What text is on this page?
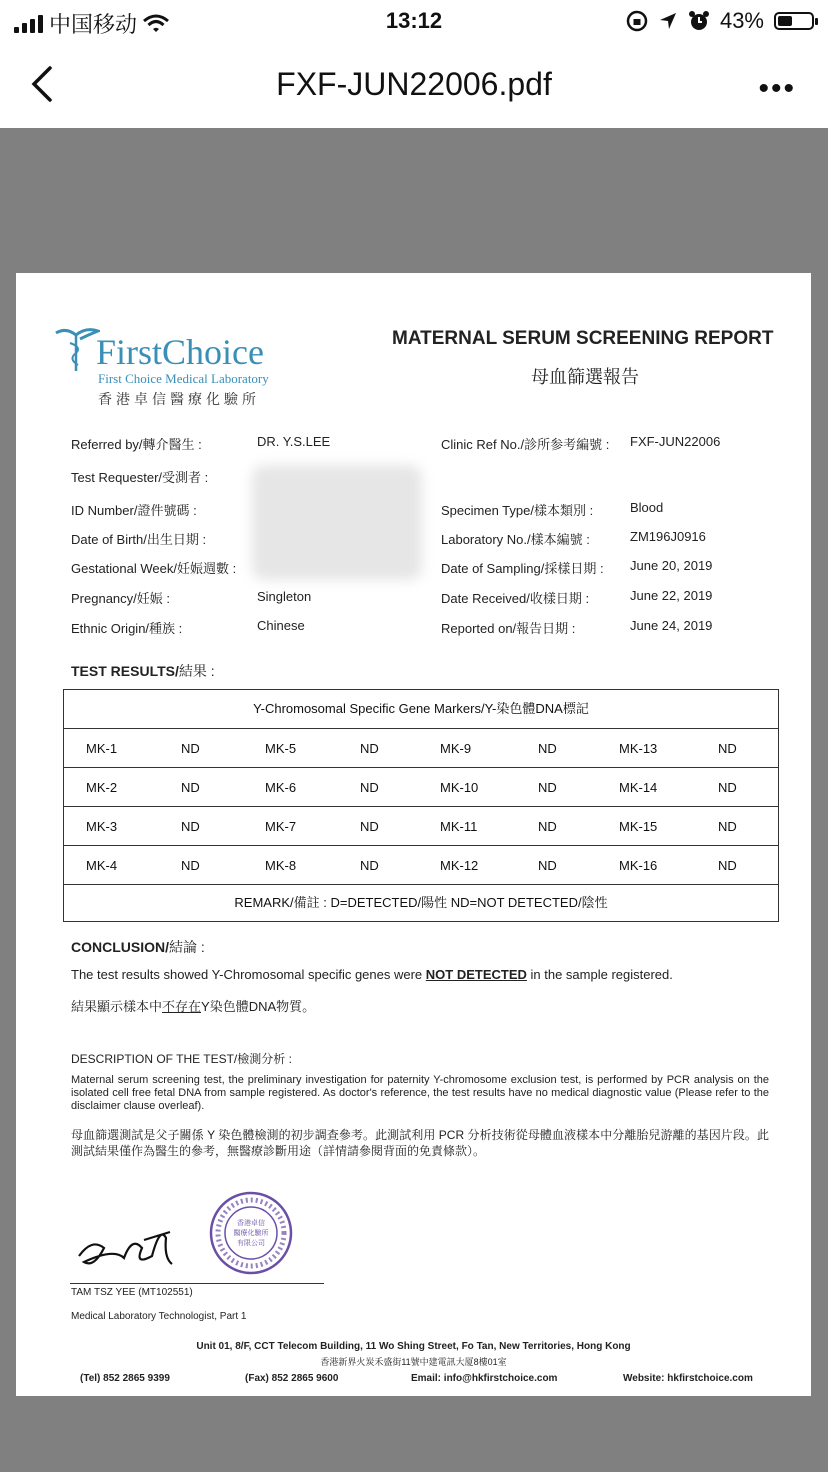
中国移动	13:12	43%
FXF-JUN22006.pdf	•••
FirstChoice
First Choice Medical Laboratory
香港卓信醫療化驗所
MATERNAL SERUM SCREENING REPORT
母血篩選報告
Referred by/轉介醫生 :	DR. Y.S.LEE
Test Requester/受測者 :
ID Number/證件號碼 :
Date of Birth/出生日期 :
Gestational Week/妊娠週數 :
Pregnancy/妊娠 :	Singleton
Ethnic Origin/種族 :	Chinese
Clinic Ref No./診所参考編號 : FXF-JUN22006
Specimen Type/樣本類別 :	Blood
Laboratory No./樣本編號 :	ZM196J0916
Date of Sampling/採樣日期 : June 20, 2019
Date Received/收樣日期 :	June 22, 2019
Reported on/報告日期 :	June 24, 2019
TEST RESULTS/結果 :
Y-Chromosomal Specific Gene Markers/Y-染色體DNA標記
MK-1	ND	MK-5	ND	MK-9	ND	MK-13	ND
MK-2	ND	MK-6	ND	MK-10	ND	MK-14	ND
MK-3	ND	MK-7	ND	MK-11	ND	MK-15	ND
MK-4	ND	MK-8	ND	MK-12	ND	MK-16	ND
REMARK/備註 : D=DETECTED/陽性 ND=NOT DETECTED/陰性
CONCLUSION/結論 :
The test results showed Y-Chromosomal specific genes were NOT DETECTED in the sample registered.
結果顯示樣本中不存在Y染色體DNA物質。
DESCRIPTION OF THE TEST/檢測分析 :
Maternal serum screening test, the preliminary investigation for paternity Y-chromosome exclusion test, is performed by PCR analysis on the isolated cell free fetal DNA from sample registered. As doctor's reference, the test results have no medical diagnostic value (Please refer to the disclaimer clause overleaf).
母血篩選測試是父子關係 Y 染色體檢測的初步調查參考。此測試利用 PCR 分析技術從母體血液樣本中分離胎兒游離的基因片段。此測試結果僅作為醫生的參考，無醫療診斷用途（詳情請參閱背面的免責條款）。
香港卓信
醫療化驗所
有限公司
TAM TSZ YEE (MT102551)
Medical Laboratory Technologist, Part 1
Unit 01, 8/F, CCT Telecom Building, 11 Wo Shing Street, Fo Tan, New Territories, Hong Kong
香港新界火炭禾盛街11號中建電訊大厦8樓01室
(Tel) 852 2865 9399	(Fax) 852 2865 9600	Email: info@hkfirstchoice.com	Website: hkfirstchoice.com
